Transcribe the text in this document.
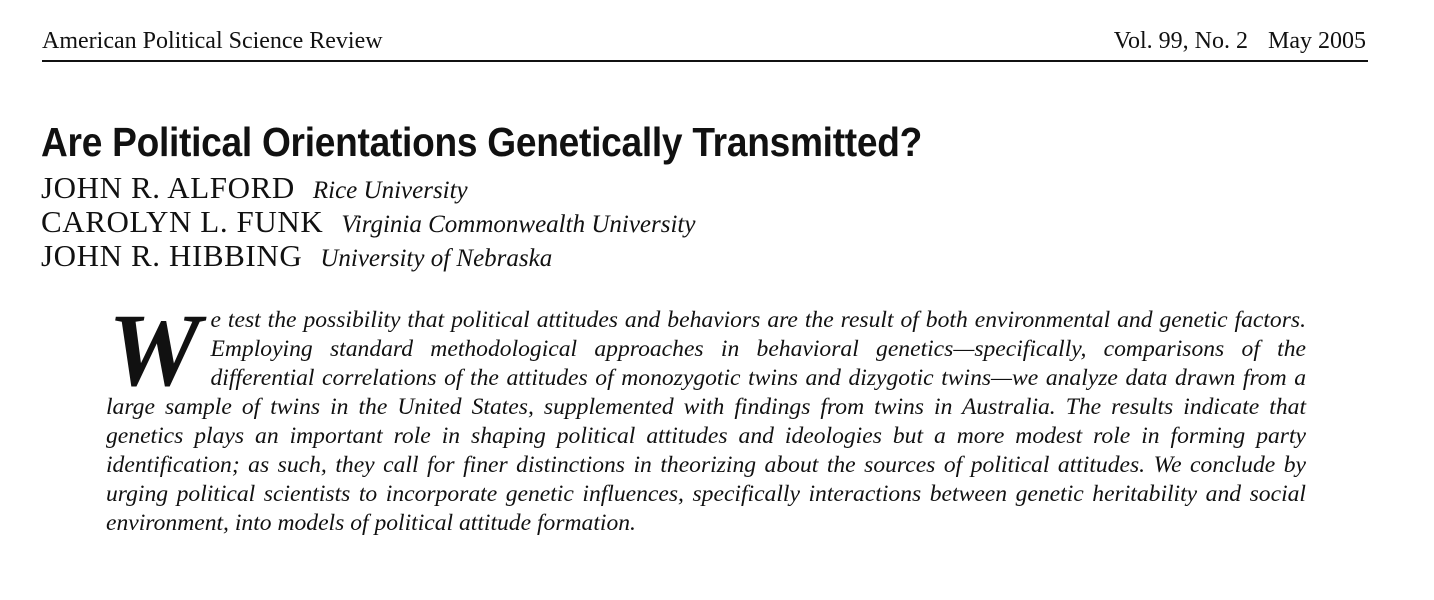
American Political Science Review	Vol. 99, No. 2 May 2005
Are Political Orientations Genetically Transmitted?
JOHN R. ALFORD Rice University
CAROLYN L. FUNK Virginia Commonwealth University
JOHN R. HIBBING University of Nebraska

We test the possibility that political attitudes and behaviors are the result of both environmental and genetic factors. Employing standard methodological approaches in behavioral genetics—specifically, comparisons of the differential correlations of the attitudes of monozygotic twins and dizygotic twins—we analyze data drawn from a large sample of twins in the United States, supplemented with findings from twins in Australia. The results indicate that genetics plays an important role in shaping political attitudes and ideologies but a more modest role in forming party identification; as such, they call for finer distinctions in theorizing about the sources of political attitudes. We conclude by urging political scientists to incorporate genetic influences, specifically interactions between genetic heritability and social environment, into models of political attitude formation.
